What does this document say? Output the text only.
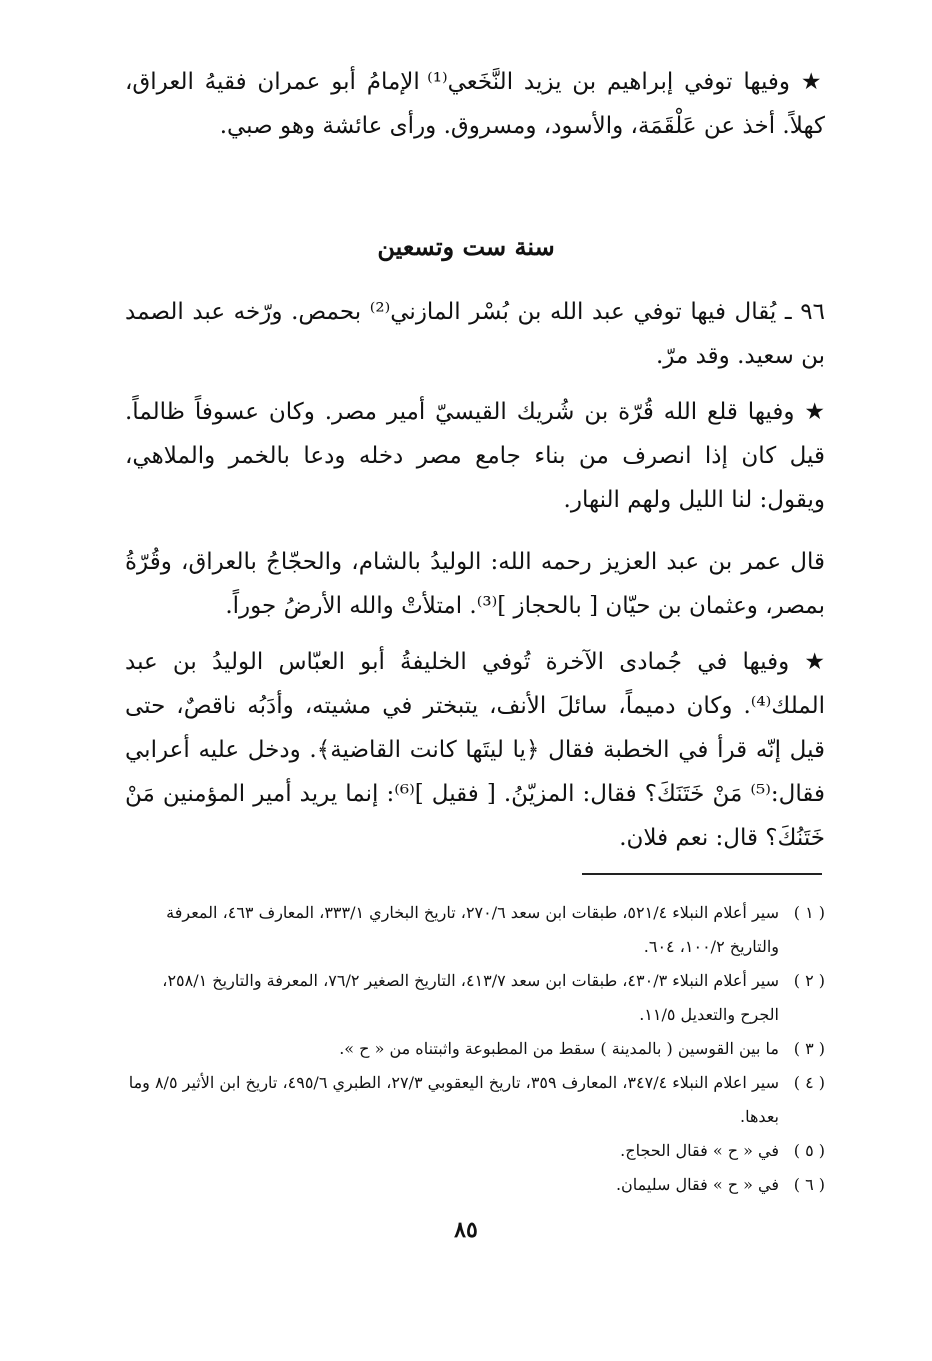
★ وفيها توفي إبراهيم بن يزيد النَّخَعي⁽¹⁾ الإمامُ أبو عمران فقيهُ العراق، كهلاً. أخذ عن عَلْقَمَة، والأسود، ومسروق. ورأى عائشة وهو صبي.

سنة ست وتسعين

٩٦ ـ يُقال فيها توفي عبد الله بن بُسْر المازني⁽²⁾ بحمص. ورّخه عبد الصمد بن سعيد. وقد مرّ.

★ وفيها قلع الله قُرّة بن شُريك القيسيّ أمير مصر. وكان عسوفاً ظالماً. قيل كان إذا انصرف من بناء جامع مصر دخله ودعا بالخمر والملاهي، ويقول: لنا الليل ولهم النهار.

قال عمر بن عبد العزيز رحمه الله: الوليدُ بالشام، والحجّاجُ بالعراق، وقُرّةُ بمصر، وعثمان بن حيّان [ بالحجاز ]⁽³⁾. امتلأتْ والله الأرضُ جوراً.

★ وفيها في جُمادى الآخرة تُوفي الخليفةُ أبو العبّاس الوليدُ بن عبد الملك⁽⁴⁾. وكان دميماً، سائلَ الأنف، يتبختر في مشيته، وأدَبُه ناقصٌ، حتى قيل إنّه قرأ في الخطبة فقال ﴿يا ليتَها كانت القاضية﴾. ودخل عليه أعرابي فقال:⁽⁵⁾ مَنْ خَتَنَكَ؟ فقال: المزيّنُ. [ فقيل ]⁽⁶⁾: إنما يريد أمير المؤمنين مَنْ خَتَنُكَ؟ قال: نعم فلان.

( ١ )
سير أعلام النبلاء ٥٢١/٤، طبقات ابن سعد ٢٧٠/٦، تاريخ البخاري ٣٣٣/١، المعارف ٤٦٣، المعرفة والتاريخ ١٠٠/٢، ٦٠٤.
( ٢ )
سير أعلام النبلاء ٤٣٠/٣، طبقات ابن سعد ٤١٣/٧، التاريخ الصغير ٧٦/٢، المعرفة والتاريخ ٢٥٨/١، الجرح والتعديل ١١/٥.
( ٣ )
ما بين القوسين ( بالمدينة ) سقط من المطبوعة واثبتناه من « ح ».
( ٤ )
سير اعلام النبلاء ٣٤٧/٤، المعارف ٣٥٩، تاريخ اليعقوبي ٢٧/٣، الطبري ٤٩٥/٦، تاريخ ابن الأثير ٨/٥ وما بعدها.
( ٥ )
في « ح » فقال الحجاج.
( ٦ )
في « ح » فقال سليمان.
٨٥
